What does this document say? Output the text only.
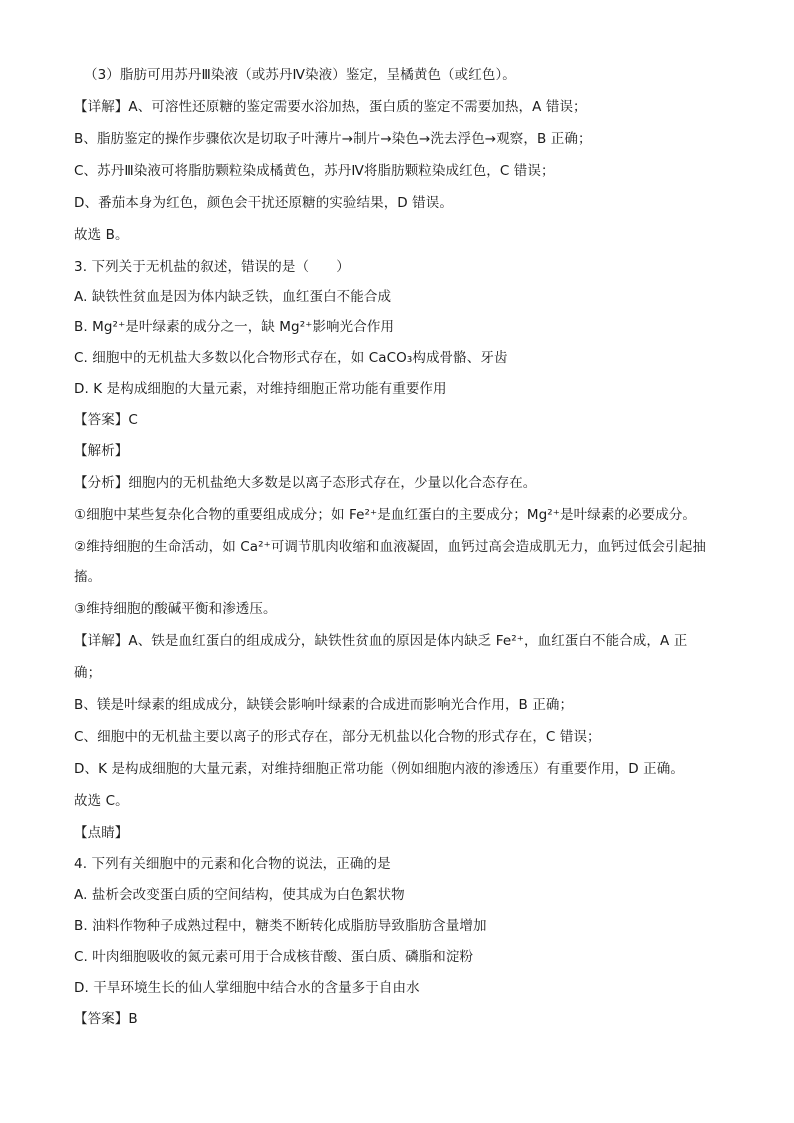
（3）脂肪可用苏丹Ⅲ染液（或苏丹Ⅳ染液）鉴定，呈橘黄色（或红色）。
【详解】A、可溶性还原糖的鉴定需要水浴加热，蛋白质的鉴定不需要加热，A 错误；
B、脂肪鉴定的操作步骤依次是切取子叶薄片→制片→染色→洗去浮色→观察，B 正确；
C、苏丹Ⅲ染液可将脂肪颗粒染成橘黄色，苏丹Ⅳ将脂肪颗粒染成红色，C 错误；
D、番茄本身为红色，颜色会干扰还原糖的实验结果，D 错误。
故选 B。
3. 下列关于无机盐的叙述，错误的是（　　）
A. 缺铁性贫血是因为体内缺乏铁，血红蛋白不能合成
B. Mg²⁺是叶绿素的成分之一，缺 Mg²⁺影响光合作用
C. 细胞中的无机盐大多数以化合物形式存在，如 CaCO₃构成骨骼、牙齿
D. K 是构成细胞的大量元素，对维持细胞正常功能有重要作用
【答案】C
【解析】
【分析】细胞内的无机盐绝大多数是以离子态形式存在，少量以化合态存在。
①细胞中某些复杂化合物的重要组成成分；如 Fe²⁺是血红蛋白的主要成分；Mg²⁺是叶绿素的必要成分。
②维持细胞的生命活动，如 Ca²⁺可调节肌肉收缩和血液凝固，血钙过高会造成肌无力，血钙过低会引起抽
搐。
③维持细胞的酸碱平衡和渗透压。
【详解】A、铁是血红蛋白的组成成分，缺铁性贫血的原因是体内缺乏 Fe²⁺，血红蛋白不能合成，A 正
确；
B、镁是叶绿素的组成成分，缺镁会影响叶绿素的合成进而影响光合作用，B 正确；
C、细胞中的无机盐主要以离子的形式存在，部分无机盐以化合物的形式存在，C 错误；
D、K 是构成细胞的大量元素，对维持细胞正常功能（例如细胞内液的渗透压）有重要作用，D 正确。
故选 C。
【点睛】
4. 下列有关细胞中的元素和化合物的说法，正确的是
A. 盐析会改变蛋白质的空间结构，使其成为白色絮状物
B. 油料作物种子成熟过程中，糖类不断转化成脂肪导致脂肪含量增加
C. 叶肉细胞吸收的氮元素可用于合成核苷酸、蛋白质、磷脂和淀粉
D. 干旱环境生长的仙人掌细胞中结合水的含量多于自由水
【答案】B
